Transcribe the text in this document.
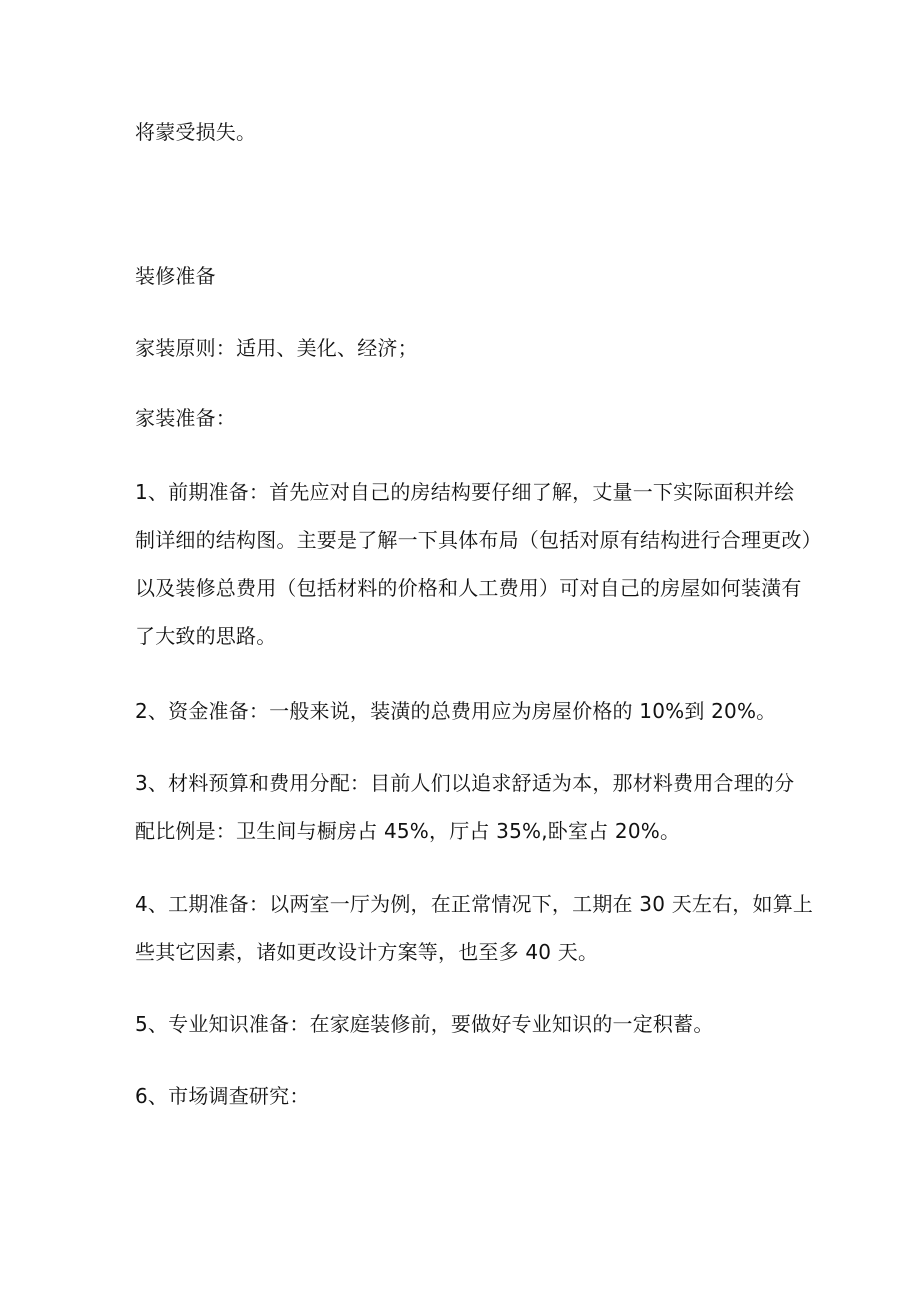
将蒙受损失。
装修准备
家装原则：适用、美化、经济；
家装准备：
1、前期准备：首先应对自己的房结构要仔细了解，丈量一下实际面积并绘
制详细的结构图。主要是了解一下具体布局（包括对原有结构进行合理更改）
以及装修总费用（包括材料的价格和人工费用）可对自己的房屋如何装潢有
了大致的思路。
2、资金准备：一般来说，装潢的总费用应为房屋价格的 10%到 20%。
3、材料预算和费用分配：目前人们以追求舒适为本，那材料费用合理的分
配比例是：卫生间与橱房占 45%，厅占 35%,卧室占 20%。
4、工期准备：以两室一厅为例，在正常情况下，工期在 30 天左右，如算上
些其它因素，诸如更改设计方案等，也至多 40 天。
5、专业知识准备：在家庭装修前，要做好专业知识的一定积蓄。
6、市场调查研究：
